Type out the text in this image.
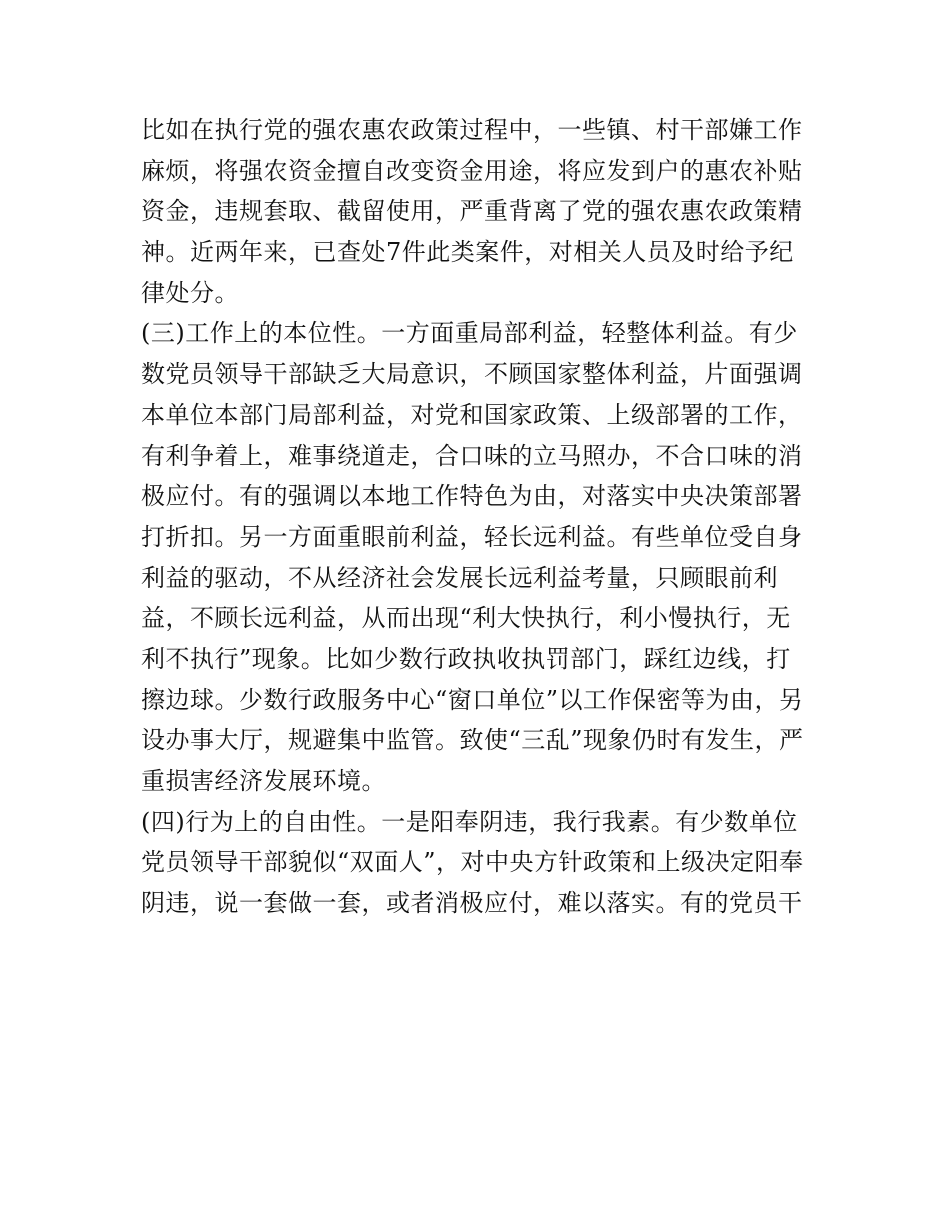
比如在执行党的强农惠农政策过程中，一些镇、村干部嫌工作
麻烦，将强农资金擅自改变资金用途，将应发到户的惠农补贴
资金，违规套取、截留使用，严重背离了党的强农惠农政策精
神。近两年来，已查处7件此类案件，对相关人员及时给予纪
律处分。
(三)工作上的本位性。一方面重局部利益，轻整体利益。有少
数党员领导干部缺乏大局意识，不顾国家整体利益，片面强调
本单位本部门局部利益，对党和国家政策、上级部署的工作，
有利争着上，难事绕道走，合口味的立马照办，不合口味的消
极应付。有的强调以本地工作特色为由，对落实中央决策部署
打折扣。另一方面重眼前利益，轻长远利益。有些单位受自身
利益的驱动，不从经济社会发展长远利益考量，只顾眼前利
益，不顾长远利益，从而出现“利大快执行，利小慢执行，无
利不执行”现象。比如少数行政执收执罚部门，踩红边线，打
擦边球。少数行政服务中心“窗口单位”以工作保密等为由，另
设办事大厅，规避集中监管。致使“三乱”现象仍时有发生，严
重损害经济发展环境。
(四)行为上的自由性。一是阳奉阴违，我行我素。有少数单位
党员领导干部貌似“双面人”，对中央方针政策和上级决定阳奉
阴违，说一套做一套，或者消极应付，难以落实。有的党员干
